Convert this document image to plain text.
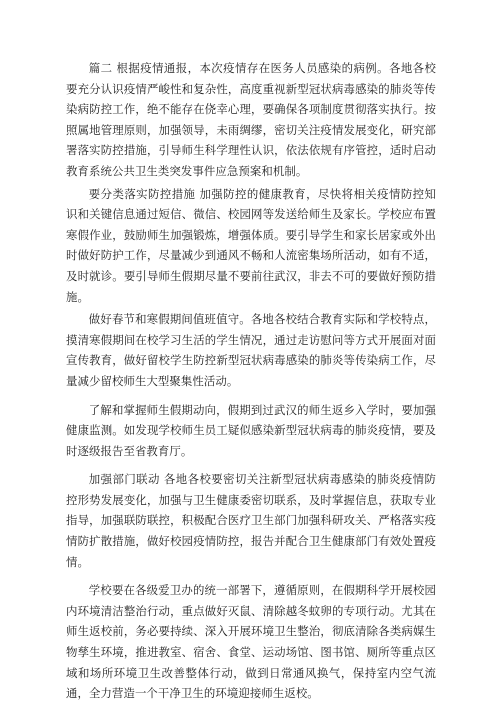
篇二 根据疫情通报，本次疫情存在医务人员感染的病例。各地各校要充分认识疫情严峻性和复杂性，高度重视新型冠状病毒感染的肺炎等传染病防控工作，绝不能存在侥幸心理，要确保各项制度贯彻落实执行。按照属地管理原则，加强领导，未雨绸缪，密切关注疫情发展变化，研究部署落实防控措施，引导师生科学理性认识，依法依规有序管控，适时启动教育系统公共卫生类突发事件应急预案和机制。

要分类落实防控措施 加强防控的健康教育，尽快将相关疫情防控知识和关键信息通过短信、微信、校园网等发送给师生及家长。学校应布置寒假作业，鼓励师生加强锻炼，增强体质。要引导学生和家长居家或外出时做好防护工作，尽量减少到通风不畅和人流密集场所活动，如有不适，及时就诊。要引导师生假期尽量不要前往武汉，非去不可的要做好预防措施。

做好春节和寒假期间值班值守。各地各校结合教育实际和学校特点，摸清寒假期间在校学习生活的学生情况，通过走访慰问等方式开展面对面宣传教育，做好留校学生防控新型冠状病毒感染的肺炎等传染病工作，尽量减少留校师生大型聚集性活动。

了解和掌握师生假期动向，假期到过武汉的师生返乡入学时，要加强健康监测。如发现学校师生员工疑似感染新型冠状病毒的肺炎疫情，要及时逐级报告至省教育厅。

加强部门联动 各地各校要密切关注新型冠状病毒感染的肺炎疫情防控形势发展变化，加强与卫生健康委密切联系，及时掌握信息，获取专业指导，加强联防联控，积极配合医疗卫生部门加强科研攻关、严格落实疫情防扩散措施，做好校园疫情防控，报告并配合卫生健康部门有效处置疫情。

学校要在各级爱卫办的统一部署下，遵循原则，在假期科学开展校园内环境清洁整治行动，重点做好灭鼠、清除越冬蚊卵的专项行动。尤其在师生返校前，务必要持续、深入开展环境卫生整治，彻底清除各类病媒生物孳生环境，推进教室、宿舍、食堂、运动场馆、图书馆、厕所等重点区域和场所环境卫生改善整体行动，做到日常通风换气，保持室内空气流通，全力营造一个干净卫生的环境迎接师生返校。
